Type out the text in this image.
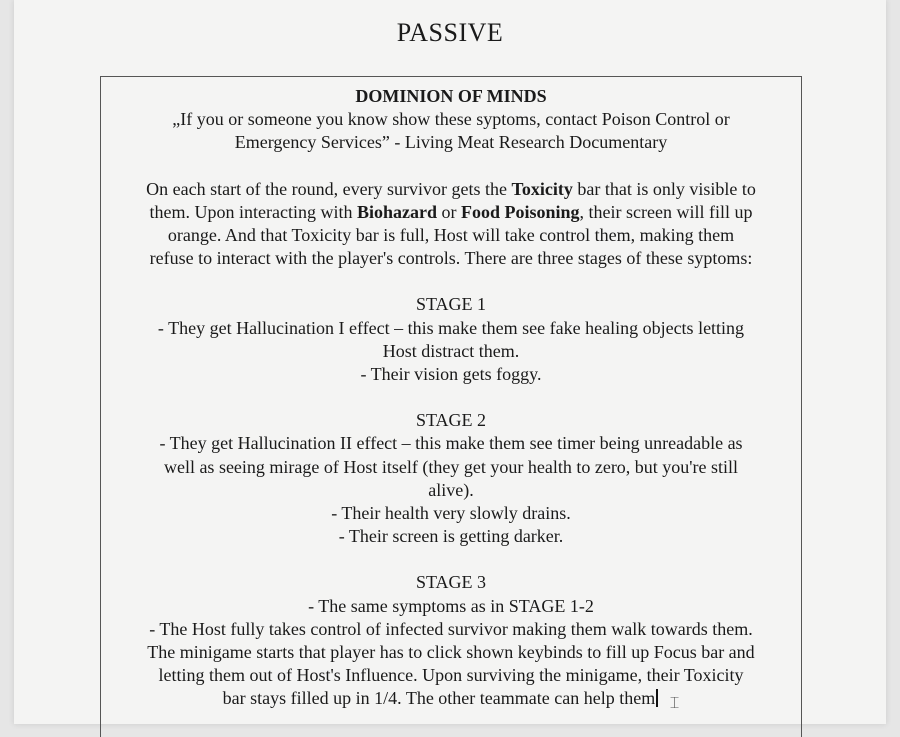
PASSIVE

DOMINION OF MINDS

„If you or someone you know show these syptoms, contact Poison Control or

Emergency Services” - Living Meat Research Documentary

On each start of the round, every survivor gets the Toxicity bar that is only visible to

them. Upon interacting with Biohazard or Food Poisoning, their screen will fill up

orange. And that Toxicity bar is full, Host will take control them, making them

refuse to interact with the player's controls. There are three stages of these syptoms:

STAGE 1

- They get Hallucination I effect – this make them see fake healing objects letting

Host distract them.

- Their vision gets foggy.

STAGE 2

- They get Hallucination II effect – this make them see timer being unreadable as

well as seeing mirage of Host itself (they get your health to zero, but you're still

alive).

- Their health very slowly drains.

- Their screen is getting darker.

STAGE 3

- The same symptoms as in STAGE 1-2

- The Host fully takes control of infected survivor making them walk towards them.

The minigame starts that player has to click shown keybinds to fill up Focus bar and

letting them out of Host's Influence. Upon surviving the minigame, their Toxicity

bar stays filled up in 1/4. The other teammate can help them ⌶
